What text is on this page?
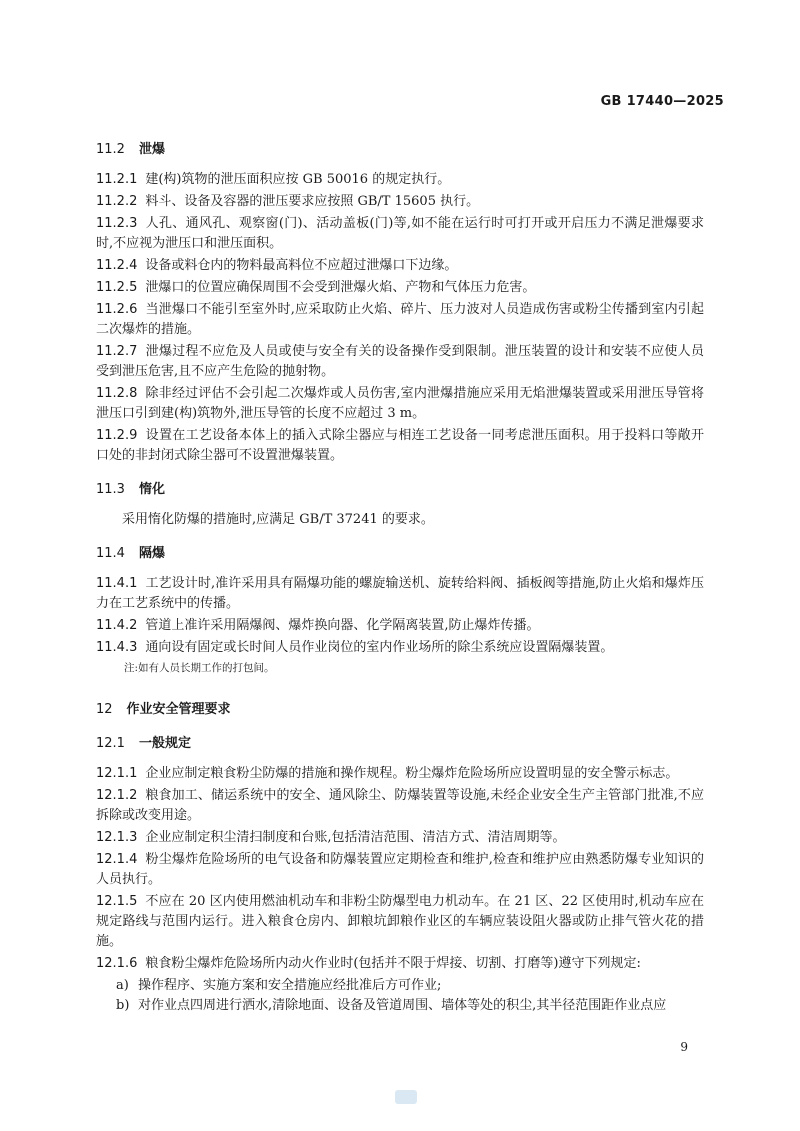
GB 17440—2025
11.2 泄爆
11.2.1 建(构)筑物的泄压面积应按 GB 50016 的规定执行。
11.2.2 料斗、设备及容器的泄压要求应按照 GB/T 15605 执行。
11.2.3 人孔、通风孔、观察窗(门)、活动盖板(门)等,如不能在运行时可打开或开启压力不满足泄爆要求时,不应视为泄压口和泄压面积。
11.2.4 设备或料仓内的物料最高料位不应超过泄爆口下边缘。
11.2.5 泄爆口的位置应确保周围不会受到泄爆火焰、产物和气体压力危害。
11.2.6 当泄爆口不能引至室外时,应采取防止火焰、碎片、压力波对人员造成伤害或粉尘传播到室内引起二次爆炸的措施。
11.2.7 泄爆过程不应危及人员或使与安全有关的设备操作受到限制。泄压装置的设计和安装不应使人员受到泄压危害,且不应产生危险的抛射物。
11.2.8 除非经过评估不会引起二次爆炸或人员伤害,室内泄爆措施应采用无焰泄爆装置或采用泄压导管将泄压口引到建(构)筑物外,泄压导管的长度不应超过 3 m。
11.2.9 设置在工艺设备本体上的插入式除尘器应与相连工艺设备一同考虑泄压面积。用于投料口等敞开口处的非封闭式除尘器可不设置泄爆装置。
11.3 惰化
采用惰化防爆的措施时,应满足 GB/T 37241 的要求。
11.4 隔爆
11.4.1 工艺设计时,准许采用具有隔爆功能的螺旋输送机、旋转给料阀、插板阀等措施,防止火焰和爆炸压力在工艺系统中的传播。
11.4.2 管道上准许采用隔爆阀、爆炸换向器、化学隔离装置,防止爆炸传播。
11.4.3 通向设有固定或长时间人员作业岗位的室内作业场所的除尘系统应设置隔爆装置。
注:如有人员长期工作的打包间。
12 作业安全管理要求
12.1 一般规定
12.1.1 企业应制定粮食粉尘防爆的措施和操作规程。粉尘爆炸危险场所应设置明显的安全警示标志。
12.1.2 粮食加工、储运系统中的安全、通风除尘、防爆装置等设施,未经企业安全生产主管部门批准,不应拆除或改变用途。
12.1.3 企业应制定积尘清扫制度和台账,包括清洁范围、清洁方式、清洁周期等。
12.1.4 粉尘爆炸危险场所的电气设备和防爆装置应定期检查和维护,检查和维护应由熟悉防爆专业知识的人员执行。
12.1.5 不应在 20 区内使用燃油机动车和非粉尘防爆型电力机动车。在 21 区、22 区使用时,机动车应在规定路线与范围内运行。进入粮食仓房内、卸粮坑卸粮作业区的车辆应装设阻火器或防止排气管火花的措施。
12.1.6 粮食粉尘爆炸危险场所内动火作业时(包括并不限于焊接、切割、打磨等)遵守下列规定:
a) 操作程序、实施方案和安全措施应经批准后方可作业;
b) 对作业点四周进行洒水,清除地面、设备及管道周围、墙体等处的积尘,其半径范围距作业点应
9
